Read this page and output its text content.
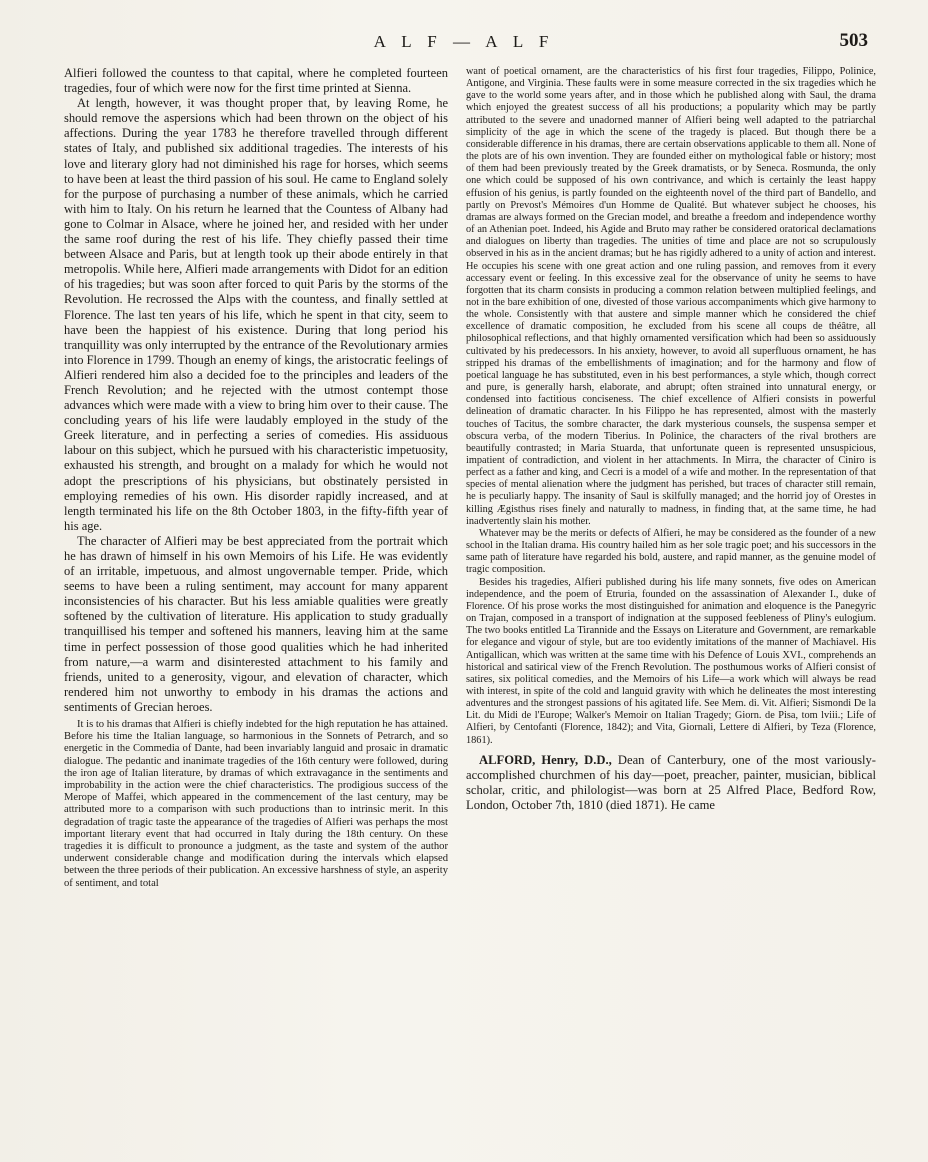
A L F — A L F	503

Alfieri followed the countess to that capital, where he completed fourteen tragedies, four of which were now for the first time printed at Sienna.

At length, however, it was thought proper that, by leaving Rome, he should remove the aspersions which had been thrown on the object of his affections. During the year 1783 he therefore travelled through different states of Italy, and published six additional tragedies. The interests of his love and literary glory had not diminished his rage for horses, which seems to have been at least the third passion of his soul. He came to England solely for the purpose of purchasing a number of these animals, which he carried with him to Italy. On his return he learned that the Countess of Albany had gone to Colmar in Alsace, where he joined her, and resided with her under the same roof during the rest of his life. They chiefly passed their time between Alsace and Paris, but at length took up their abode entirely in that metropolis. While here, Alfieri made arrangements with Didot for an edition of his tragedies; but was soon after forced to quit Paris by the storms of the Revolution. He recrossed the Alps with the countess, and finally settled at Florence. The last ten years of his life, which he spent in that city, seem to have been the happiest of his existence. During that long period his tranquillity was only interrupted by the entrance of the Revolutionary armies into Florence in 1799. Though an enemy of kings, the aristocratic feelings of Alfieri rendered him also a decided foe to the principles and leaders of the French Revolution; and he rejected with the utmost contempt those advances which were made with a view to bring him over to their cause. The concluding years of his life were laudably employed in the study of the Greek literature, and in perfecting a series of comedies. His assiduous labour on this subject, which he pursued with his characteristic impetuosity, exhausted his strength, and brought on a malady for which he would not adopt the prescriptions of his physicians, but obstinately persisted in employing remedies of his own. His disorder rapidly increased, and at length terminated his life on the 8th October 1803, in the fifty-fifth year of his age.

The character of Alfieri may be best appreciated from the portrait which he has drawn of himself in his own Memoirs of his Life. He was evidently of an irritable, impetuous, and almost ungovernable temper. Pride, which seems to have been a ruling sentiment, may account for many apparent inconsistencies of his character. But his less amiable qualities were greatly softened by the cultivation of literature. His application to study gradually tranquillised his temper and softened his manners, leaving him at the same time in perfect possession of those good qualities which he had inherited from nature,—a warm and disinterested attachment to his family and friends, united to a generosity, vigour, and elevation of character, which rendered him not unworthy to embody in his dramas the actions and sentiments of Grecian heroes.

It is to his dramas that Alfieri is chiefly indebted for the high reputation he has attained. Before his time the Italian language, so harmonious in the Sonnets of Petrarch, and so energetic in the Commedia of Dante, had been invariably languid and prosaic in dramatic dialogue. The pedantic and inanimate tragedies of the 16th century were followed, during the iron age of Italian literature, by dramas of which extravagance in the sentiments and improbability in the action were the chief characteristics. The prodigious success of the Merope of Maffei, which appeared in the commencement of the last century, may be attributed more to a comparison with such productions than to intrinsic merit. In this degradation of tragic taste the appearance of the tragedies of Alfieri was perhaps the most important literary event that had occurred in Italy during the 18th century. On these tragedies it is difficult to pronounce a judgment, as the taste and system of the author underwent considerable change and modification during the intervals which elapsed between the three periods of their publication. An excessive harshness of style, an asperity of sentiment, and total

want of poetical ornament, are the characteristics of his first four tragedies, Filippo, Polinice, Antigone, and Virginia. These faults were in some measure corrected in the six tragedies which he gave to the world some years after, and in those which he published along with Saul, the drama which enjoyed the greatest success of all his productions; a popularity which may be partly attributed to the severe and unadorned manner of Alfieri being well adapted to the patriarchal simplicity of the age in which the scene of the tragedy is placed. But though there be a considerable difference in his dramas, there are certain observations applicable to them all. None of the plots are of his own invention. They are founded either on mythological fable or history; most of them had been previously treated by the Greek dramatists, or by Seneca. Rosmunda, the only one which could be supposed of his own contrivance, and which is certainly the least happy effusion of his genius, is partly founded on the eighteenth novel of the third part of Bandello, and partly on Prevost's Mémoires d'un Homme de Qualité. But whatever subject he chooses, his dramas are always formed on the Grecian model, and breathe a freedom and independence worthy of an Athenian poet. Indeed, his Agide and Bruto may rather be considered oratorical declamations and dialogues on liberty than tragedies. The unities of time and place are not so scrupulously observed in his as in the ancient dramas; but he has rigidly adhered to a unity of action and interest. He occupies his scene with one great action and one ruling passion, and removes from it every accessary event or feeling. In this excessive zeal for the observance of unity he seems to have forgotten that its charm consists in producing a common relation between multiplied feelings, and not in the bare exhibition of one, divested of those various accompaniments which give harmony to the whole. Consistently with that austere and simple manner which he considered the chief excellence of dramatic composition, he excluded from his scene all coups de théâtre, all philosophical reflections, and that highly ornamented versification which had been so assiduously cultivated by his predecessors. In his anxiety, however, to avoid all superfluous ornament, he has stripped his dramas of the embellishments of imagination; and for the harmony and flow of poetical language he has substituted, even in his best performances, a style which, though correct and pure, is generally harsh, elaborate, and abrupt; often strained into unnatural energy, or condensed into factitious conciseness. The chief excellence of Alfieri consists in powerful delineation of dramatic character. In his Filippo he has represented, almost with the masterly touches of Tacitus, the sombre character, the dark mysterious counsels, the suspensa semper et obscura verba, of the modern Tiberius. In Polinice, the characters of the rival brothers are beautifully contrasted; in Maria Stuarda, that unfortunate queen is represented unsuspicious, impatient of contradiction, and violent in her attachments. In Mirra, the character of Ciniro is perfect as a father and king, and Cecri is a model of a wife and mother. In the representation of that species of mental alienation where the judgment has perished, but traces of character still remain, he is peculiarly happy. The insanity of Saul is skilfully managed; and the horrid joy of Orestes in killing Ægisthus rises finely and naturally to madness, in finding that, at the same time, he had inadvertently slain his mother.

Whatever may be the merits or defects of Alfieri, he may be considered as the founder of a new school in the Italian drama. His country hailed him as her sole tragic poet; and his successors in the same path of literature have regarded his bold, austere, and rapid manner, as the genuine model of tragic composition.

Besides his tragedies, Alfieri published during his life many sonnets, five odes on American independence, and the poem of Etruria, founded on the assassination of Alexander I., duke of Florence. Of his prose works the most distinguished for animation and eloquence is the Panegyric on Trajan, composed in a transport of indignation at the supposed feebleness of Pliny's eulogium. The two books entitled La Tirannide and the Essays on Literature and Government, are remarkable for elegance and vigour of style, but are too evidently imitations of the manner of Machiavel. His Antigallican, which was written at the same time with his Defence of Louis XVI., comprehends an historical and satirical view of the French Revolution. The posthumous works of Alfieri consist of satires, six political comedies, and the Memoirs of his Life—a work which will always be read with interest, in spite of the cold and languid gravity with which he delineates the most interesting adventures and the strongest passions of his agitated life. See Mem. di. Vit. Alfieri; Sismondi De la Lit. du Midi de l'Europe; Walker's Memoir on Italian Tragedy; Giorn. de Pisa, tom lviii.; Life of Alfieri, by Centofanti (Florence, 1842); and Vita, Giornali, Lettere di Alfieri, by Teza (Florence, 1861).

ALFORD, Henry, D.D., Dean of Canterbury, one of the most variously-accomplished churchmen of his day—poet, preacher, painter, musician, biblical scholar, critic, and philologist—was born at 25 Alfred Place, Bedford Row, London, October 7th, 1810 (died 1871). He came
